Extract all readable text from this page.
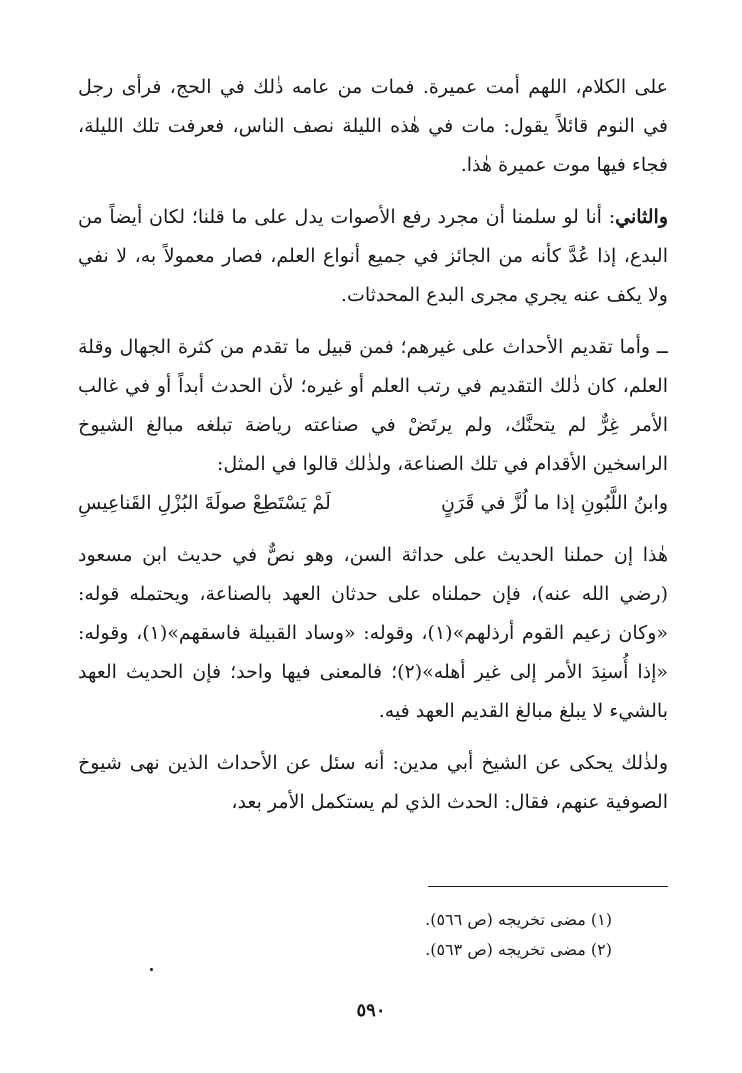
على الكلام، اللهم أمت عميرة. فمات من عامه ذٰلك في الحج، فرأى رجل في النوم قائلاً يقول: مات في هٰذه الليلة نصف الناس، فعرفت تلك الليلة، فجاء فيها موت عميرة هٰذا.

والثاني: أنا لو سلمنا أن مجرد رفع الأصوات يدل على ما قلنا؛ لكان أيضاً من البدع، إذا عُدَّ كأنه من الجائز في جميع أنواع العلم، فصار معمولاً به، لا نفي ولا يكف عنه يجري مجرى البدع المحدثات.

ــ وأما تقديم الأحداث على غيرهم؛ فمن قبيل ما تقدم من كثرة الجهال وقلة العلم، كان ذٰلك التقديم في رتب العلم أو غيره؛ لأن الحدث أبداً أو في غالب الأمر غِرٌّ لم يتحنَّك، ولم يرتَضْ في صناعته رياضة تبلغه مبالغ الشيوخ الراسخين الأقدام في تلك الصناعة، ولذٰلك قالوا في المثل:

وابنُ اللَّبُونِ إذا ما لُزَّ في قَرَنٍ
لَمْ يَسْتَطِعْ صولَةَ البُزْلِ القَناعِيسِ

هٰذا إن حملنا الحديث على حداثة السن، وهو نصٌّ في حديث ابن مسعود (رضي الله عنه)، فإن حملناه على حدثان العهد بالصناعة، ويحتمله قوله: «وكان زعيم القوم أرذلهم»(١)، وقوله: «وساد القبيلة فاسقهم»(١)، وقوله: «إذا أُسنِدَ الأمر إلى غير أهله»(٢)؛ فالمعنى فيها واحد؛ فإن الحديث العهد بالشيء لا يبلغ مبالغ القديم العهد فيه.

ولذٰلك يحكى عن الشيخ أبي مدين: أنه سئل عن الأحداث الذين نهى شيوخ الصوفية عنهم، فقال: الحدث الذي لم يستكمل الأمر بعد،

(١) مضى تخريجه (ص ٥٦٦).
(٢) مضى تخريجه (ص ٥٦٣).
٥٩٠
